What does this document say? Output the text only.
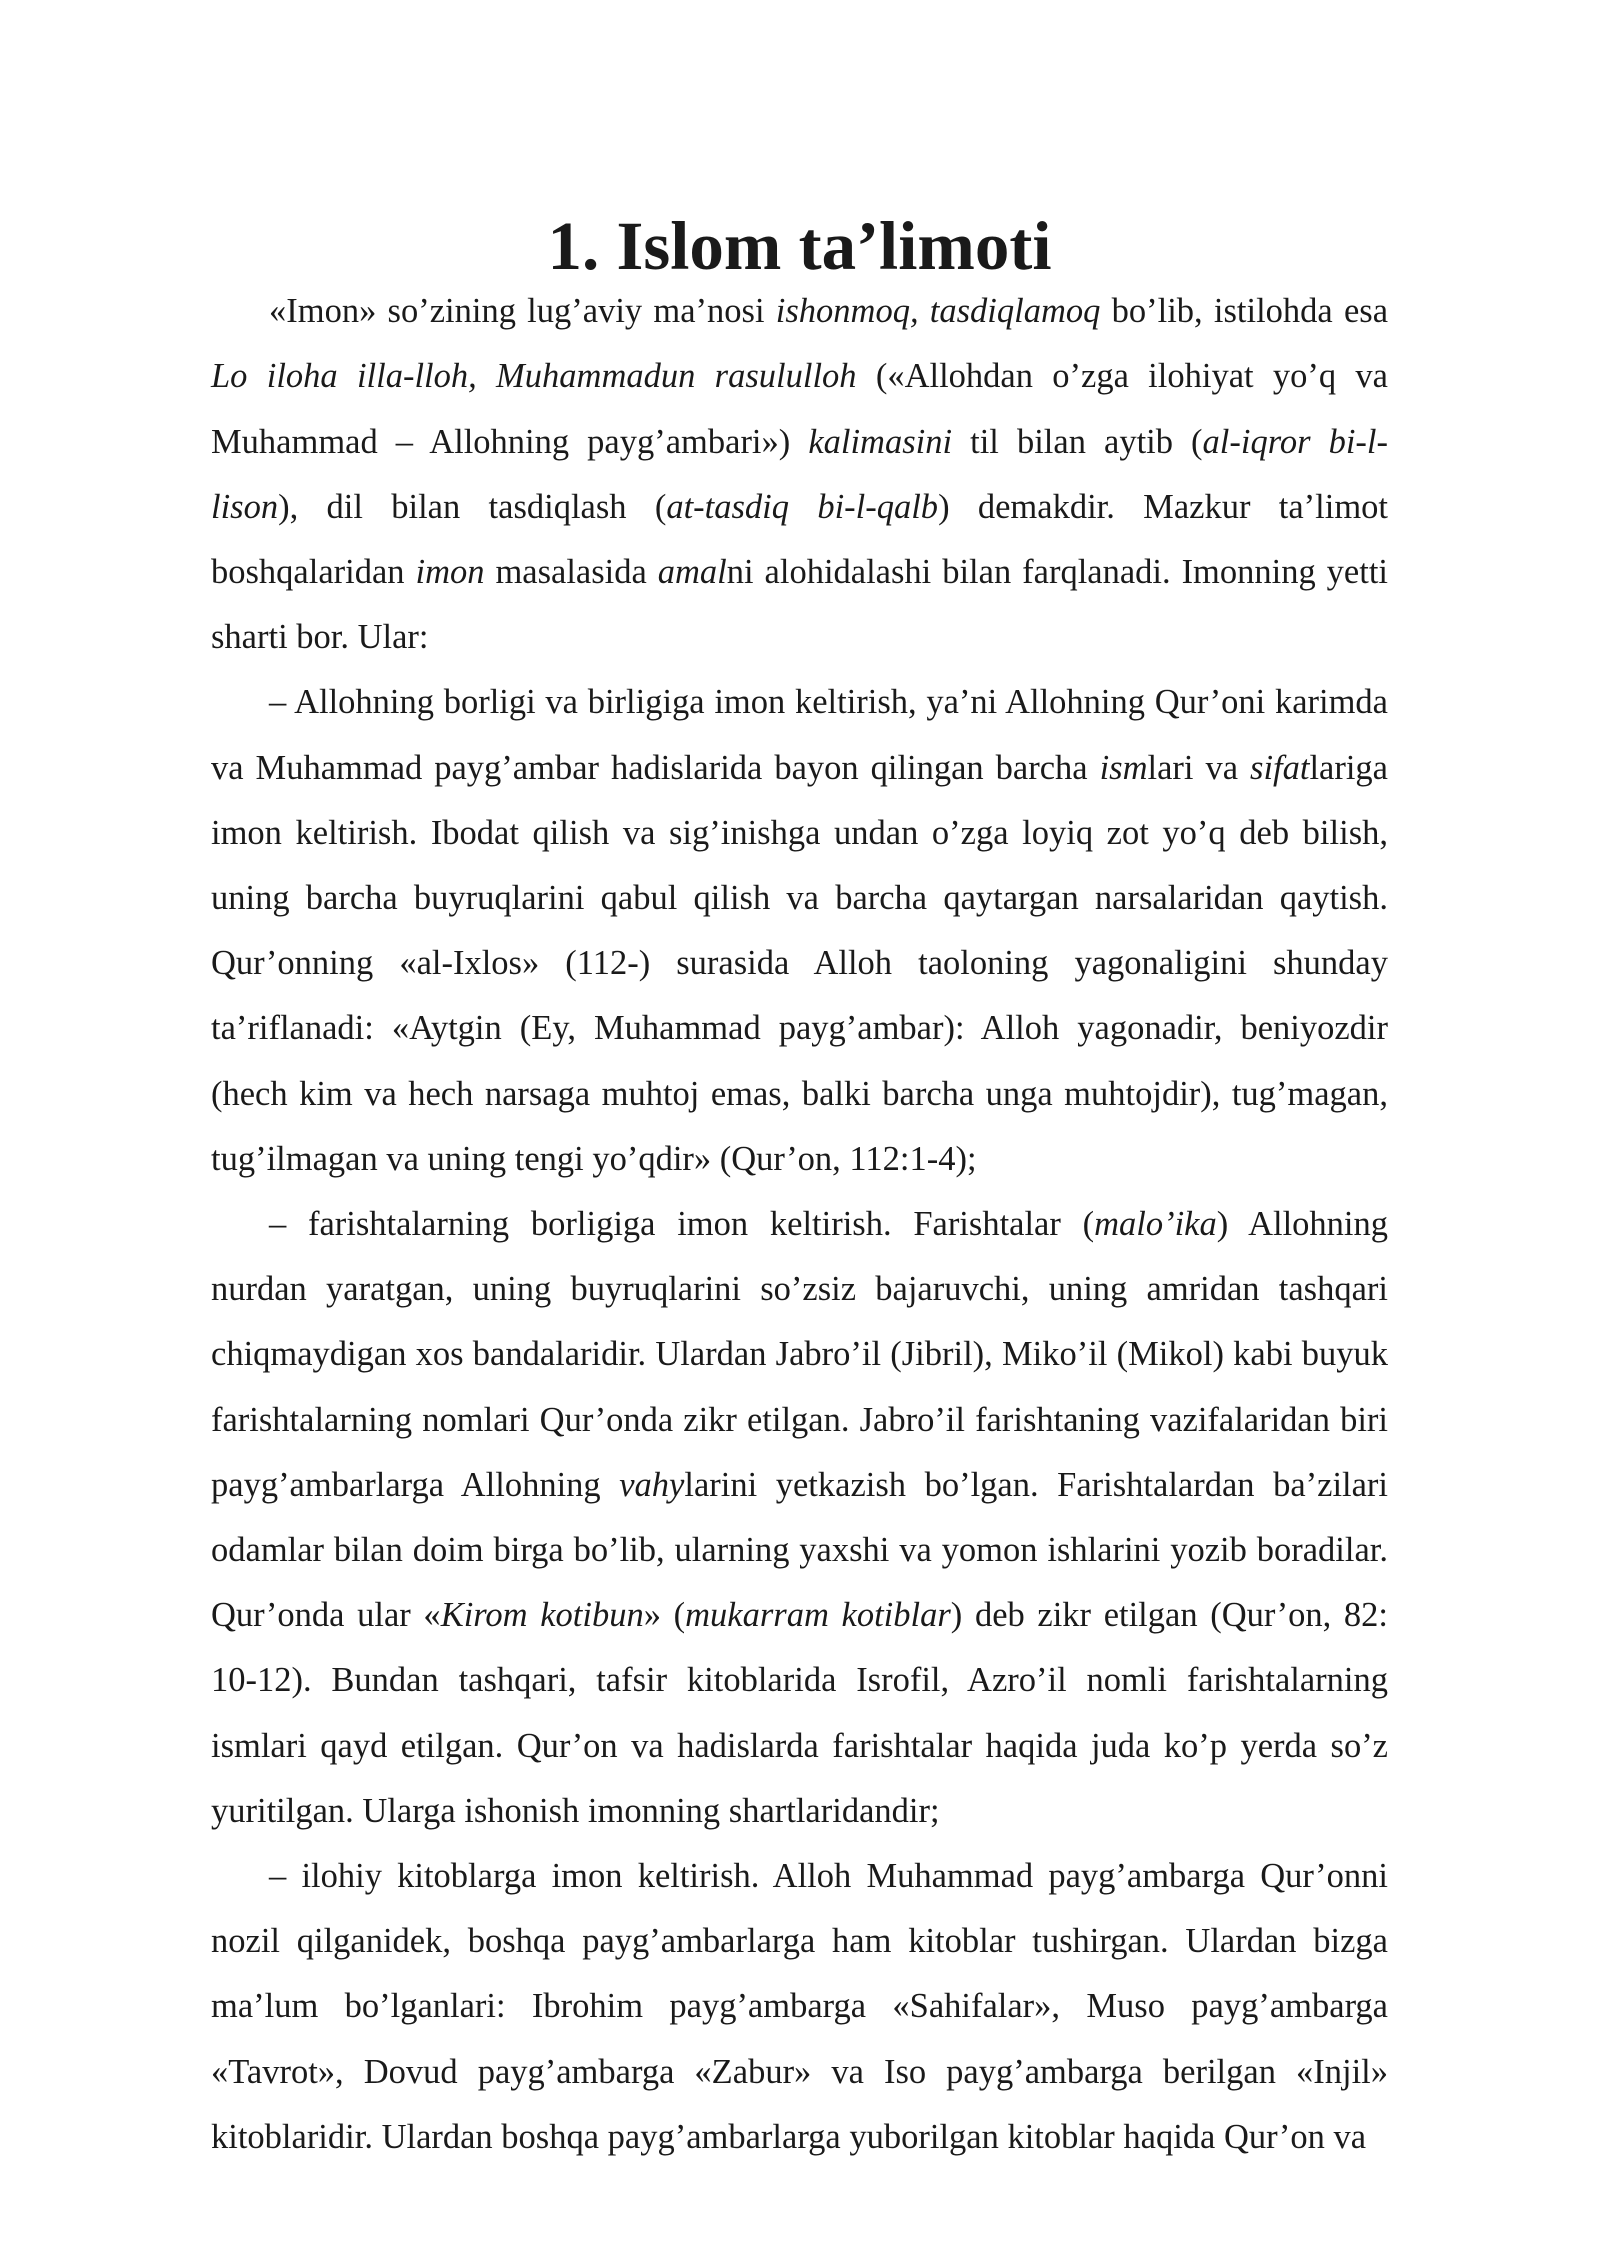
1. Islom ta’limoti

«Imon» so’zining lug’aviy ma’nosi ishonmoq, tasdiqlamoq bo’lib, istilohda esa Lo iloha illa-lloh, Muhammadun rasululloh («Allohdan o’zga ilohiyat yo’q va Muhammad – Allohning payg’ambari») kalimasini til bilan aytib (al-iqror bi-l-lison), dil bilan tasdiqlash (at-tasdiq bi-l-qalb) demakdir. Mazkur ta’limot boshqalaridan imon masalasida amalni alohidalashi bilan farqlanadi. Imonning yetti sharti bor. Ular:

– Allohning borligi va birligiga imon keltirish, ya’ni Allohning Qur’oni karimda va Muhammad payg’ambar hadislarida bayon qilingan barcha ismlari va sifatlariga imon keltirish. Ibodat qilish va sig’inishga undan o’zga loyiq zot yo’q deb bilish, uning barcha buyruqlarini qabul qilish va barcha qaytargan narsalaridan qaytish. Qur’onning «al-Ixlos» (112-) surasida Alloh taoloning yagonaligini shunday ta’riflanadi: «Aytgin (Ey, Muhammad payg’ambar): Alloh yagonadir, beniyozdir (hech kim va hech narsaga muhtoj emas, balki barcha unga muhtojdir), tug’magan, tug’ilmagan va uning tengi yo’qdir» (Qur’on, 112:1-4);

– farishtalarning borligiga imon keltirish. Farishtalar (malo’ika) Allohning nurdan yaratgan, uning buyruqlarini so’zsiz bajaruvchi, uning amridan tashqari chiqmaydigan xos bandalaridir. Ulardan Jabro’il (Jibril), Miko’il (Mikol) kabi buyuk farishtalarning nomlari Qur’onda zikr etilgan. Jabro’il farishtaning vazifalaridan biri payg’ambarlarga Allohning vahylarini yetkazish bo’lgan. Farishtalardan ba’zilari odamlar bilan doim birga bo’lib, ularning yaxshi va yomon ishlarini yozib boradilar. Qur’onda ular «Kirom kotibun» (mukarram kotiblar) deb zikr etilgan (Qur’on, 82: 10-12). Bundan tashqari, tafsir kitoblarida Isrofil, Azro’il nomli farishtalarning ismlari qayd etilgan. Qur’on va hadislarda farishtalar haqida juda ko’p yerda so’z yuritilgan. Ularga ishonish imonning shartlaridandir;

– ilohiy kitoblarga imon keltirish. Alloh Muhammad payg’ambarga Qur’onni nozil qilganidek, boshqa payg’ambarlarga ham kitoblar tushirgan. Ulardan bizga ma’lum bo’lganlari: Ibrohim payg’ambarga «Sahifalar», Muso payg’ambarga «Tavrot», Dovud payg’ambarga «Zabur» va Iso payg’ambarga berilgan «Injil» kitoblaridir. Ulardan boshqa payg’ambarlarga yuborilgan kitoblar haqida Qur’on va
